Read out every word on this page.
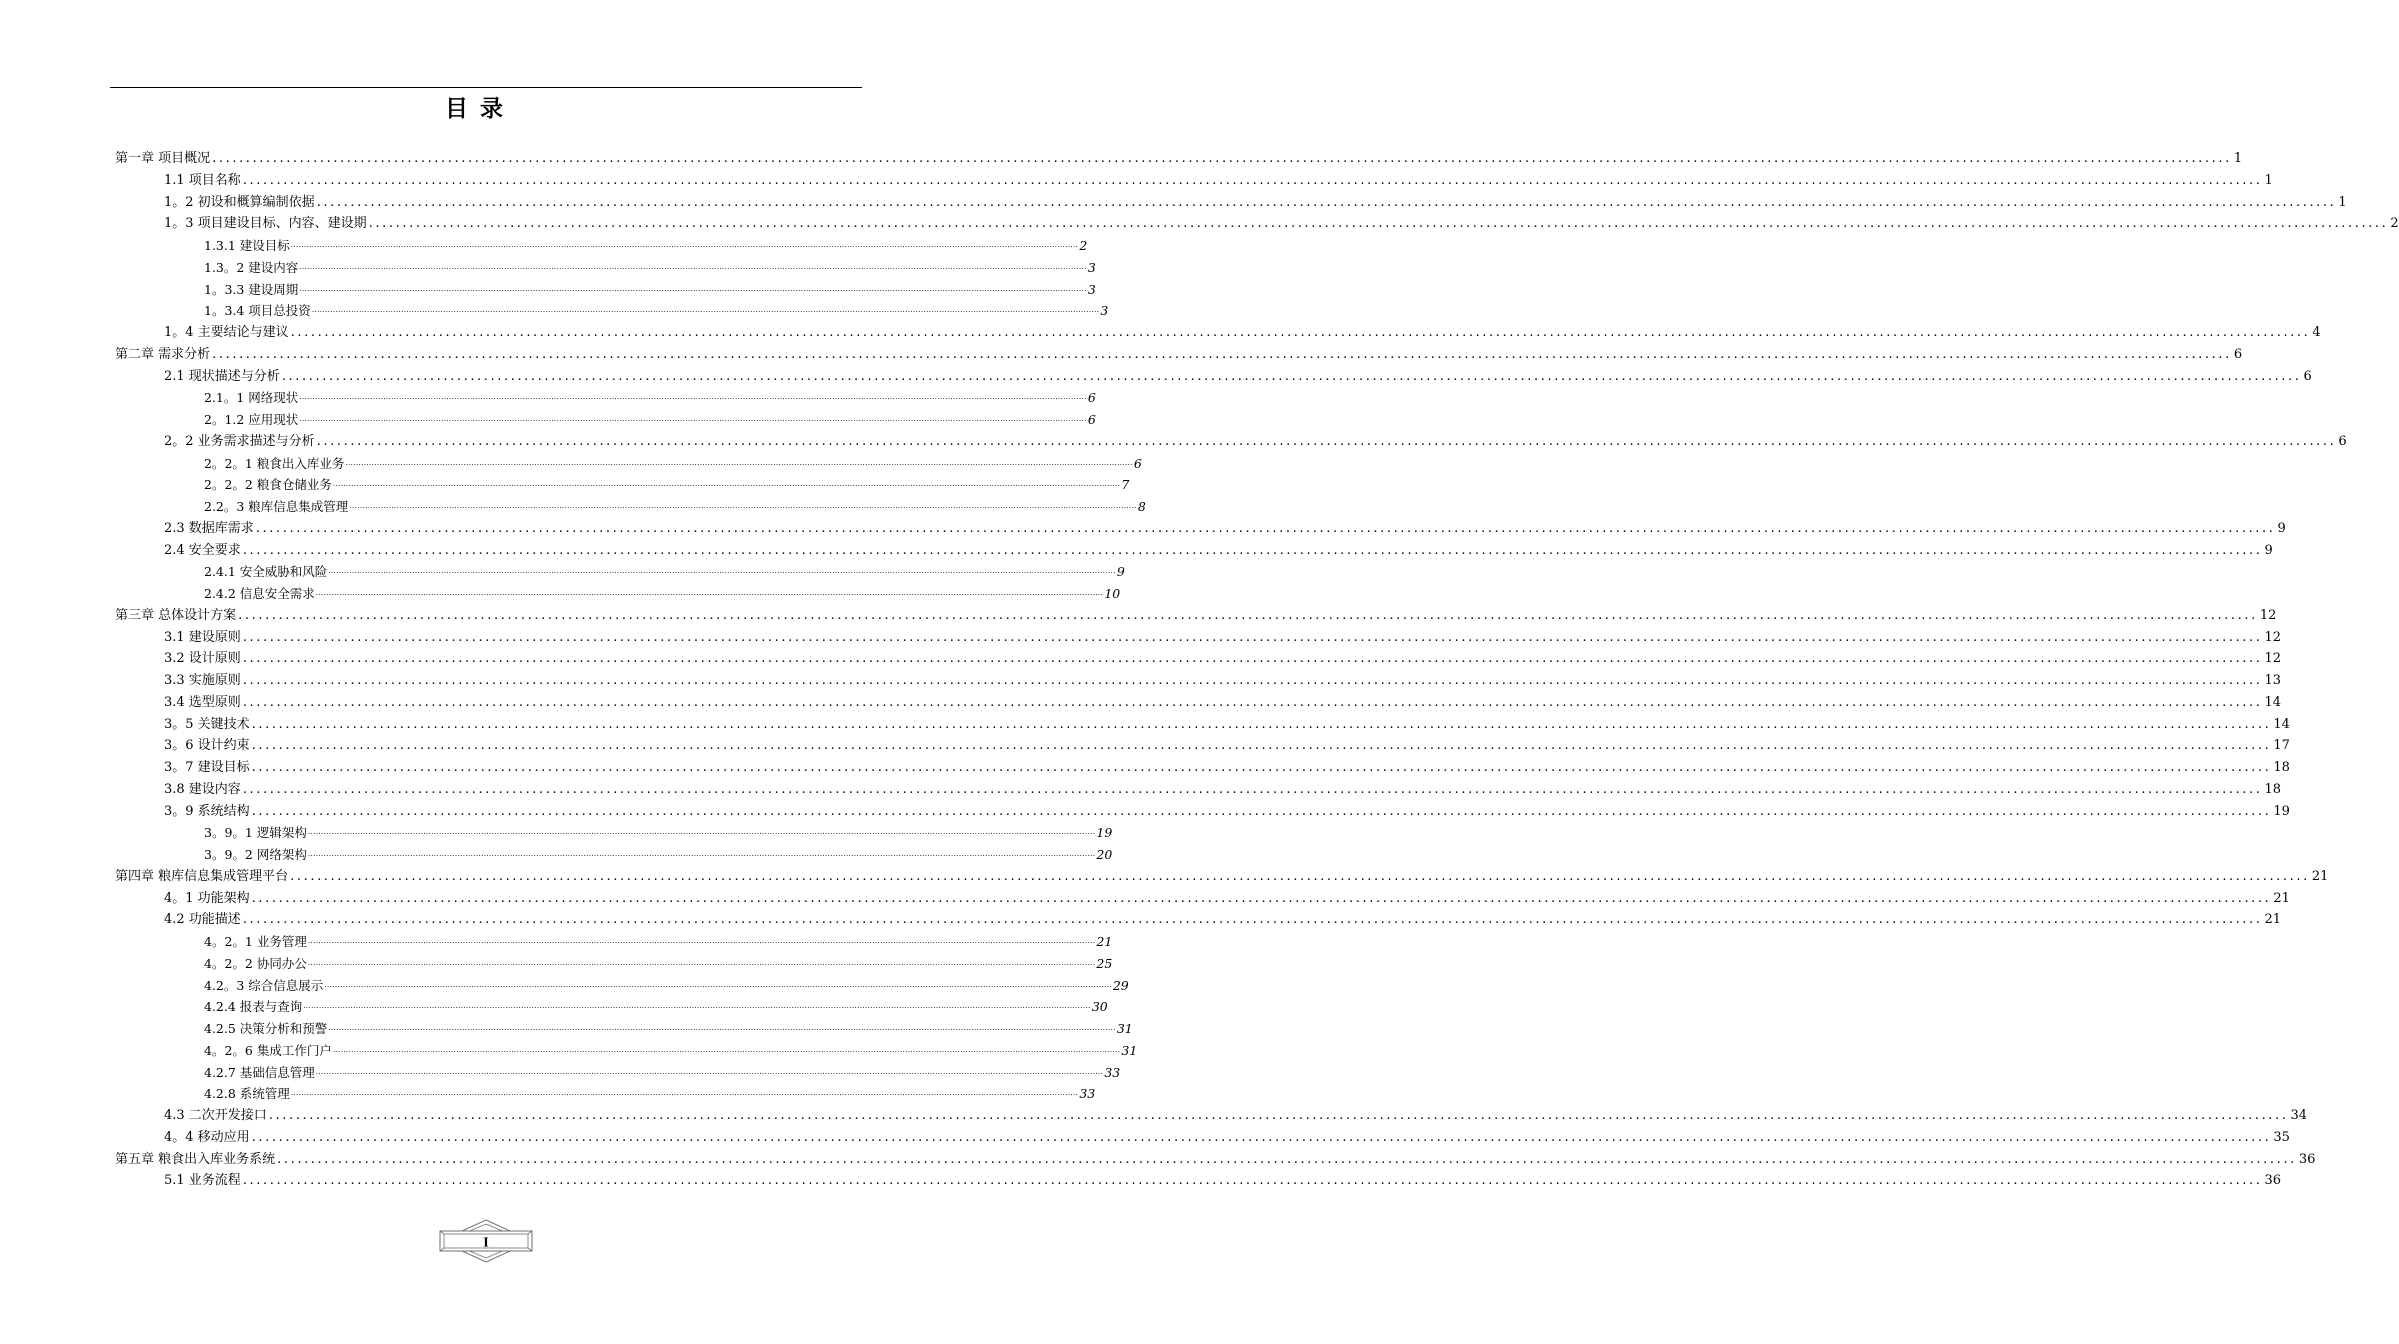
目 录
第一章 项目概况 ............................................................................................................................................................................................................................................................................................................ 1
1.1 项目名称 ............................................................................................................................................................................................................................................................................................................ 1
1。2 初设和概算编制依据 ............................................................................................................................................................................................................................................................................................................ 1
1。3 项目建设目标、内容、建设期 ............................................................................................................................................................................................................................................................................................................ 2
1.3.1 建设目标 ............................................................................................................................................................................................................................................................................................................ 2
1.3。2 建设内容 ............................................................................................................................................................................................................................................................................................................ 3
1。3.3 建设周期 ............................................................................................................................................................................................................................................................................................................ 3
1。3.4 项目总投资 ............................................................................................................................................................................................................................................................................................................ 3
1。4 主要结论与建议 ............................................................................................................................................................................................................................................................................................................ 4
第二章 需求分析 ............................................................................................................................................................................................................................................................................................................ 6
2.1 现状描述与分析 ............................................................................................................................................................................................................................................................................................................ 6
2.1。1 网络现状 ............................................................................................................................................................................................................................................................................................................ 6
2。1.2 应用现状 ............................................................................................................................................................................................................................................................................................................ 6
2。2 业务需求描述与分析 ............................................................................................................................................................................................................................................................................................................ 6
2。2。1 粮食出入库业务 ............................................................................................................................................................................................................................................................................................................ 6
2。2。2 粮食仓储业务 ............................................................................................................................................................................................................................................................................................................ 7
2.2。3 粮库信息集成管理 ............................................................................................................................................................................................................................................................................................................ 8
2.3 数据库需求 ............................................................................................................................................................................................................................................................................................................ 9
2.4 安全要求 ............................................................................................................................................................................................................................................................................................................ 9
2.4.1 安全威胁和风险 ............................................................................................................................................................................................................................................................................................................ 9
2.4.2 信息安全需求 ............................................................................................................................................................................................................................................................................................................ 10
第三章 总体设计方案 ............................................................................................................................................................................................................................................................................................................ 12
3.1 建设原则 ............................................................................................................................................................................................................................................................................................................ 12
3.2 设计原则 ............................................................................................................................................................................................................................................................................................................ 12
3.3 实施原则 ............................................................................................................................................................................................................................................................................................................ 13
3.4 选型原则 ............................................................................................................................................................................................................................................................................................................ 14
3。5 关键技术 ............................................................................................................................................................................................................................................................................................................ 14
3。6 设计约束 ............................................................................................................................................................................................................................................................................................................ 17
3。7 建设目标 ............................................................................................................................................................................................................................................................................................................ 18
3.8 建设内容 ............................................................................................................................................................................................................................................................................................................ 18
3。9 系统结构 ............................................................................................................................................................................................................................................................................................................ 19
3。9。1 逻辑架构 ............................................................................................................................................................................................................................................................................................................ 19
3。9。2 网络架构 ............................................................................................................................................................................................................................................................................................................ 20
第四章 粮库信息集成管理平台 ............................................................................................................................................................................................................................................................................................................ 21
4。1 功能架构 ............................................................................................................................................................................................................................................................................................................ 21
4.2 功能描述 ............................................................................................................................................................................................................................................................................................................ 21
4。2。1 业务管理 ............................................................................................................................................................................................................................................................................................................ 21
4。2。2 协同办公 ............................................................................................................................................................................................................................................................................................................ 25
4.2。3 综合信息展示 ............................................................................................................................................................................................................................................................................................................ 29
4.2.4 报表与查询 ............................................................................................................................................................................................................................................................................................................ 30
4.2.5 决策分析和预警 ............................................................................................................................................................................................................................................................................................................ 31
4。2。6 集成工作门户 ............................................................................................................................................................................................................................................................................................................ 31
4.2.7 基础信息管理 ............................................................................................................................................................................................................................................................................................................ 33
4.2.8 系统管理 ............................................................................................................................................................................................................................................................................................................ 33
4.3 二次开发接口 ............................................................................................................................................................................................................................................................................................................ 34
4。4 移动应用 ............................................................................................................................................................................................................................................................................................................ 35
第五章 粮食出入库业务系统 ............................................................................................................................................................................................................................................................................................................ 36
5.1 业务流程 ............................................................................................................................................................................................................................................................................................................ 36
I
